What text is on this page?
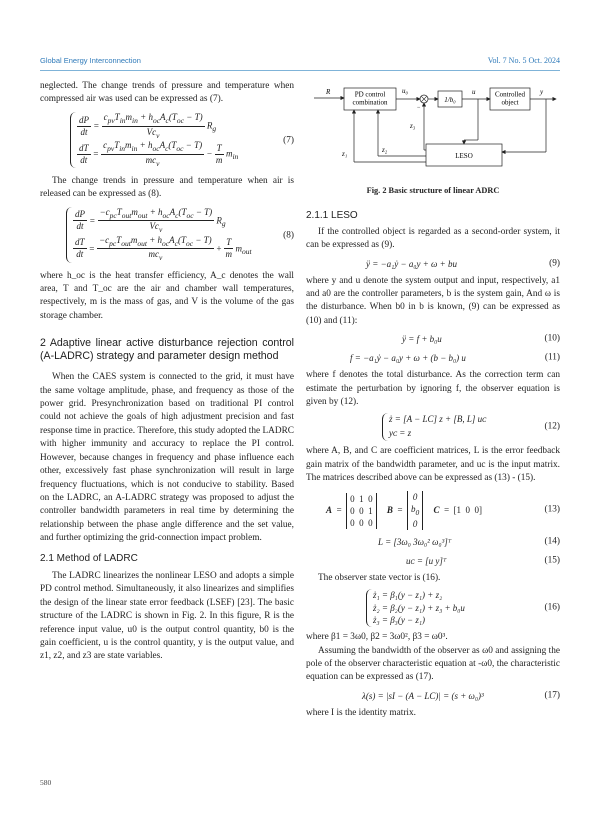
Global Energy Interconnection	Vol. 7 No. 5 Oct. 2024

neglected. The change trends of pressure and temperature when compressed air was used can be expressed as (7).

$\frac{dP}{dt} = \frac{c_{pv}T_{in}m_{in} + h_{oc}A_c(T_{oc} - T)}{Vc_v} R_g$
$\frac{dT}{dt} = \frac{c_{pv}T_{in}m_{in} + h_{oc}A_c(T_{oc} - T)}{mc_v} - \frac{T}{m} m_{in}$
(7)

The change trends in pressure and temperature when air is released can be expressed as (8).

$\frac{dP}{dt} = \frac{-c_{pc}T_{out}m_{out} + h_{oc}A_c(T_{oc} - T)}{Vc_v} R_g$
$\frac{dT}{dt} = \frac{-c_{pc}T_{out}m_{out} + h_{oc}A_c(T_{oc} - T)}{mc_v} + \frac{T}{m} m_{out}$
(8)

where h_oc is the heat transfer efficiency, A_c denotes the wall area, T and T_oc are the air and chamber wall temperatures, respectively, m is the mass of gas, and V is the volume of the gas storage chamber.

2 Adaptive linear active disturbance rejection control (A-LADRC) strategy and parameter design method

When the CAES system is connected to the grid, it must have the same voltage amplitude, phase, and frequency as those of the power grid. Presynchronization based on traditional PI control could not achieve the goals of high adjustment precision and fast response time in practice. Therefore, this study adopted the LADRC with higher immunity and accuracy to replace the PI control. However, because changes in frequency and phase influence each other, excessively fast phase synchronization will result in large frequency fluctuations, which is not conducive to stability. Based on the LADRC, an A-LADRC strategy was proposed to adjust the controller bandwidth parameters in real time by determining the relationship between the phase angle difference and the set value, and further optimizing the grid-connection impact problem.

2.1 Method of LADRC

The LADRC linearizes the nonlinear LESO and adopts a simple PD control method. Simultaneously, it also linearizes and simplifies the design of the linear state error feedback (LSEF) [23]. The basic structure of the LADRC is shown in Fig. 2. In this figure, R is the reference input value, u0 is the output control quantity, b0 is the gain coefficient, u is the control quantity, y is the output value, and z1, z2, and z3 are state variables.

R	PD control combination
u₀
−
1/b₀
u	Controlled object
y
LESO
z₃
z₂
z₁

Fig. 2 Basic structure of linear ADRC

2.1.1 LESO

If the controlled object is regarded as a second-order system, it can be expressed as (9).

ÿ = −a₁ẏ − a₀y + ω + bu	(9)

where y and u denote the system output and input, respectively, a1 and a0 are the controller parameters, b is the system gain, And ω is the disturbance. When b0 in b is known, (9) can be expressed as (10) and (11):

ÿ = f + b₀u	(10)
f = −a₁ẏ − a₀y + ω + (b − b₀) u	(11)

where f denotes the total disturbance. As the correction term can estimate the perturbation by ignoring f, the observer equation is given by (12).

ż = [A − LC] z + [B, L] uᴄ
yᴄ = z
(12)

where A, B, and C are coefficient matrices, L is the error feedback gain matrix of the bandwidth parameter, and uc is the input matrix. The matrices described above can be expressed as (13) - (15).

A =
0  1  0
0  0  1
0  0  0

B =
0
$b_0$
0

C = [1  0  0]	(13)
L = [3ω₀ 3ω₀² ω₀³]ᵀ	(14)
uᴄ = [u y]ᵀ	(15)

The observer state vector is (16).

ż₁ = β₁(y − z₁) + z₂
ż₂ = β₂(y − z₁) + z₃ + b₀u
ż₃ = β₃(y − z₁)
(16)

where β1 = 3ω0, β2 = 3ω0², β3 = ω0³.

Assuming the bandwidth of the observer as ω0 and assigning the pole of the observer characteristic equation at -ω0, the characteristic equation can be expressed as (17).

λ(s) = |sI − (A − LC)| = (s + ω₀)³	(17)

where I is the identity matrix.

580
